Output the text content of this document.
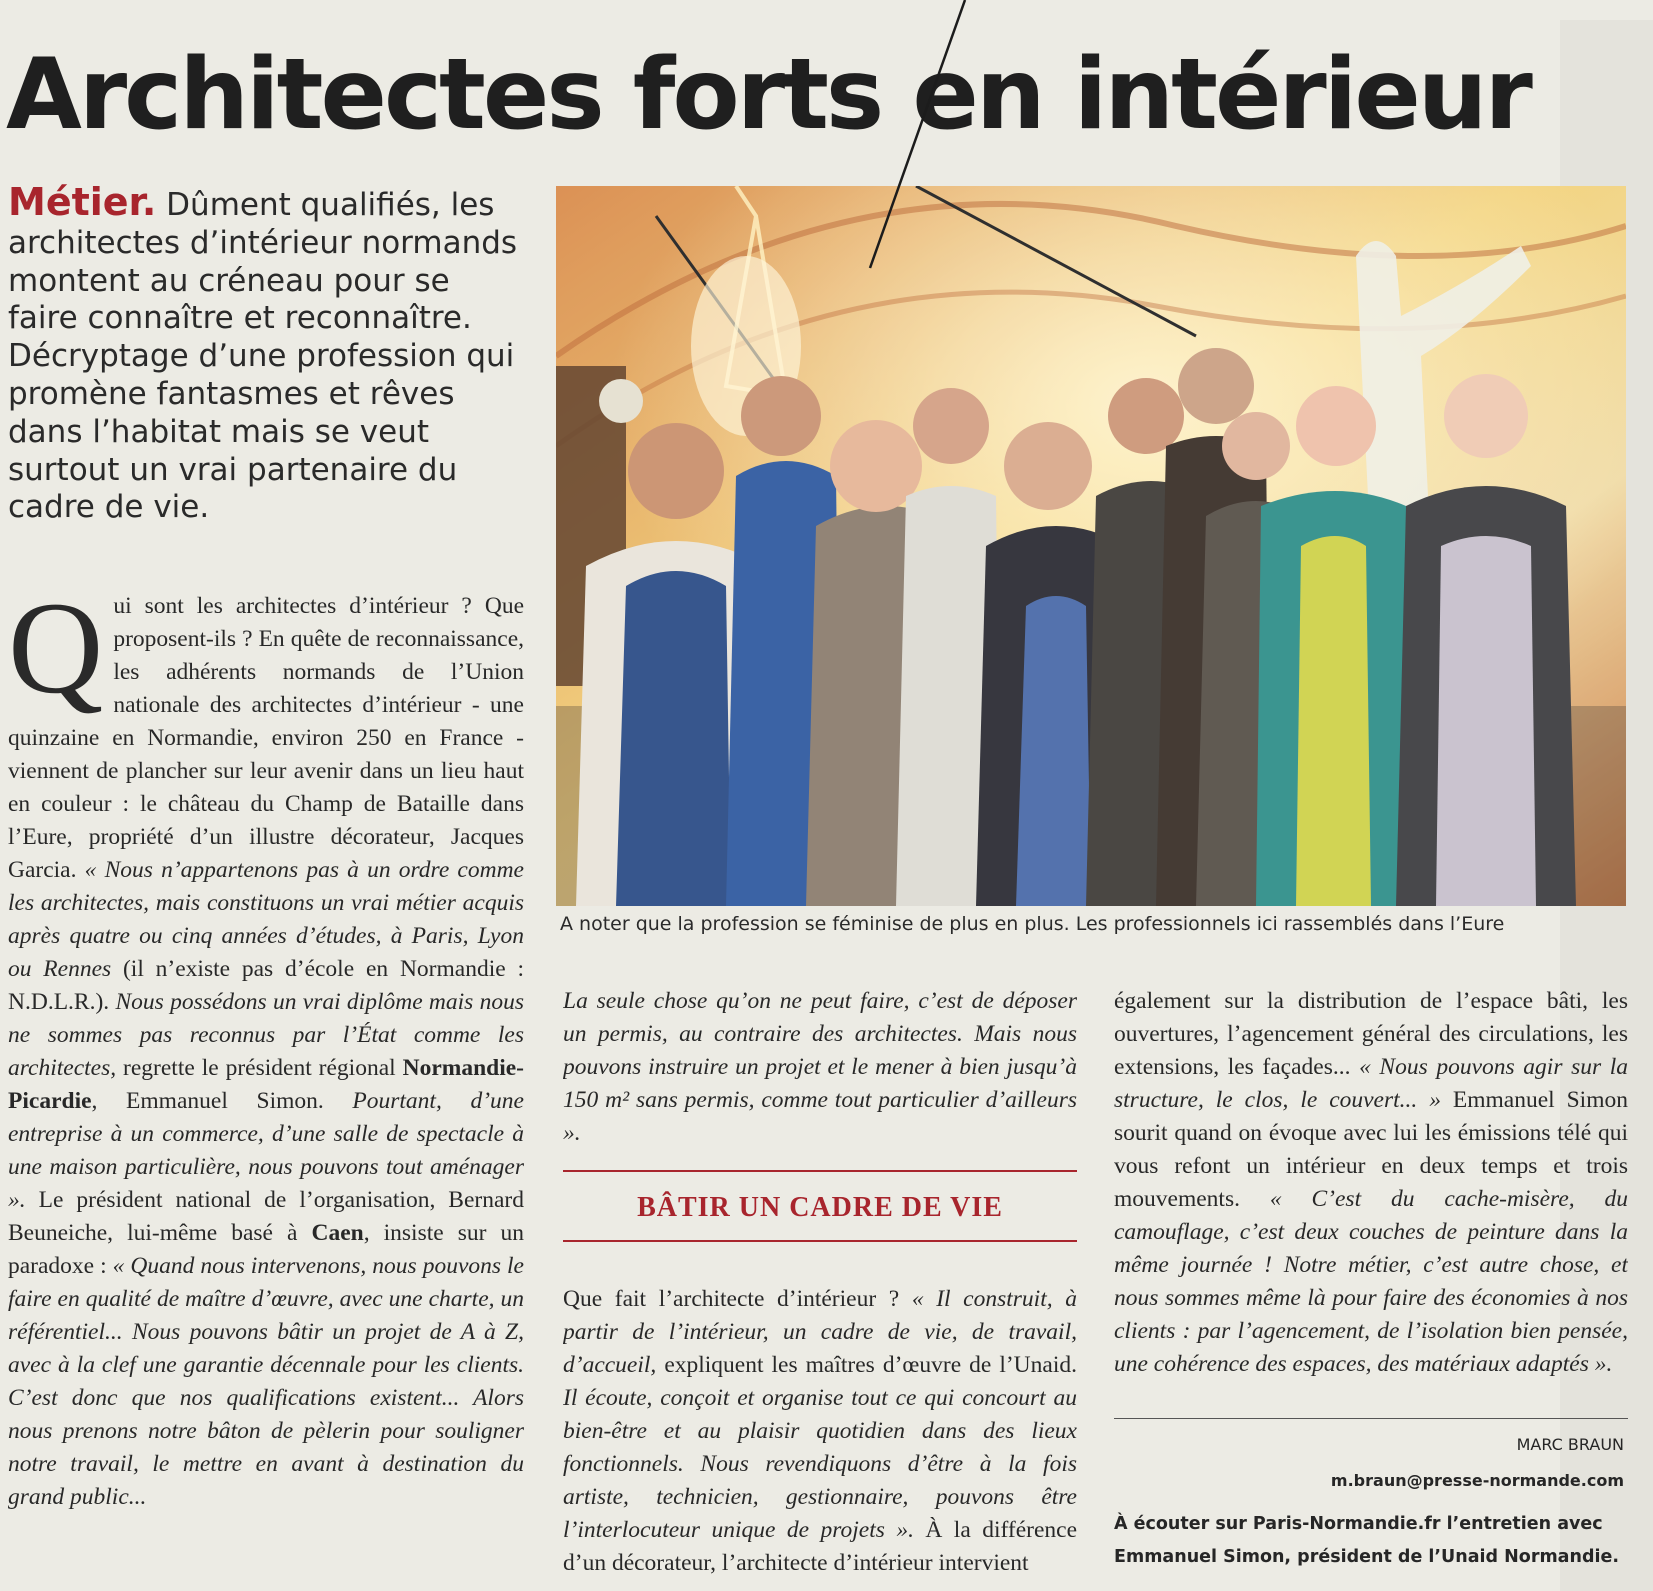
Architectes forts en intérieur

Métier. Dûment qualifiés, les architectes d’intérieur normands montent au créneau pour se faire connaître et reconnaître. Décryptage d’une profession qui promène fantasmes et rêves dans l’habitat mais se veut surtout un vrai partenaire du cadre de vie.

Q ui sont les architectes d’intérieur ? Que proposent-ils ? En quête de reconnaissance, les adhérents normands de l’Union nationale des architectes d’intérieur - une quinzaine en Normandie, environ 250 en France - viennent de plancher sur leur avenir dans un lieu haut en couleur : le château du Champ de Bataille dans l’Eure, propriété d’un illustre décorateur, Jacques Garcia. « Nous n’appartenons pas à un ordre comme les architectes, mais constituons un vrai métier acquis après quatre ou cinq années d’études, à Paris, Lyon ou Rennes (il n’existe pas d’école en Normandie : N.D.L.R.). Nous possédons un vrai diplôme mais nous ne sommes pas reconnus par l’État comme les architectes, regrette le président régional Normandie-Picardie, Emmanuel Simon. Pourtant, d’une entreprise à un commerce, d’une salle de spectacle à une maison particulière, nous pouvons tout aménager ». Le président national de l’organisation, Bernard Beuneiche, lui-même basé à Caen, insiste sur un paradoxe : « Quand nous intervenons, nous pouvons le faire en qualité de maître d’œuvre, avec une charte, un référentiel... Nous pouvons bâtir un projet de A à Z, avec à la clef une garantie décennale pour les clients. C’est donc que nos qualifications existent... Alors nous prenons notre bâton de pèlerin pour souligner notre travail, le mettre en avant à destination du grand public...

A noter que la profession se féminise de plus en plus. Les professionnels ici rassemblés dans l’Eure

La seule chose qu’on ne peut faire, c’est de déposer un permis, au contraire des architectes. Mais nous pouvons instruire un projet et le mener à bien jusqu’à 150 m² sans permis, comme tout particulier d’ailleurs ».

BÂTIR UN CADRE DE VIE

Que fait l’architecte d’intérieur ? « Il construit, à partir de l’intérieur, un cadre de vie, de travail, d’accueil, expliquent les maîtres d’œuvre de l’Unaid. Il écoute, conçoit et organise tout ce qui concourt au bien-être et au plaisir quotidien dans des lieux fonctionnels. Nous revendiquons d’être à la fois artiste, technicien, gestionnaire, pouvons être l’interlocuteur unique de projets ». À la différence d’un décorateur, l’architecte d’intérieur intervient

également sur la distribution de l’espace bâti, les ouvertures, l’agencement général des circulations, les extensions, les façades... « Nous pouvons agir sur la structure, le clos, le couvert... » Emmanuel Simon sourit quand on évoque avec lui les émissions télé qui vous refont un intérieur en deux temps et trois mouvements. « C’est du cache-misère, du camouflage, c’est deux couches de peinture dans la même journée ! Notre métier, c’est autre chose, et nous sommes même là pour faire des économies à nos clients : par l’agencement, de l’isolation bien pensée, une cohérence des espaces, des matériaux adaptés ».

MARC BRAUN

m.braun@presse-normande.com

À écouter sur Paris-Normandie.fr l’entretien avec Emmanuel Simon, président de l’Unaid Normandie.
